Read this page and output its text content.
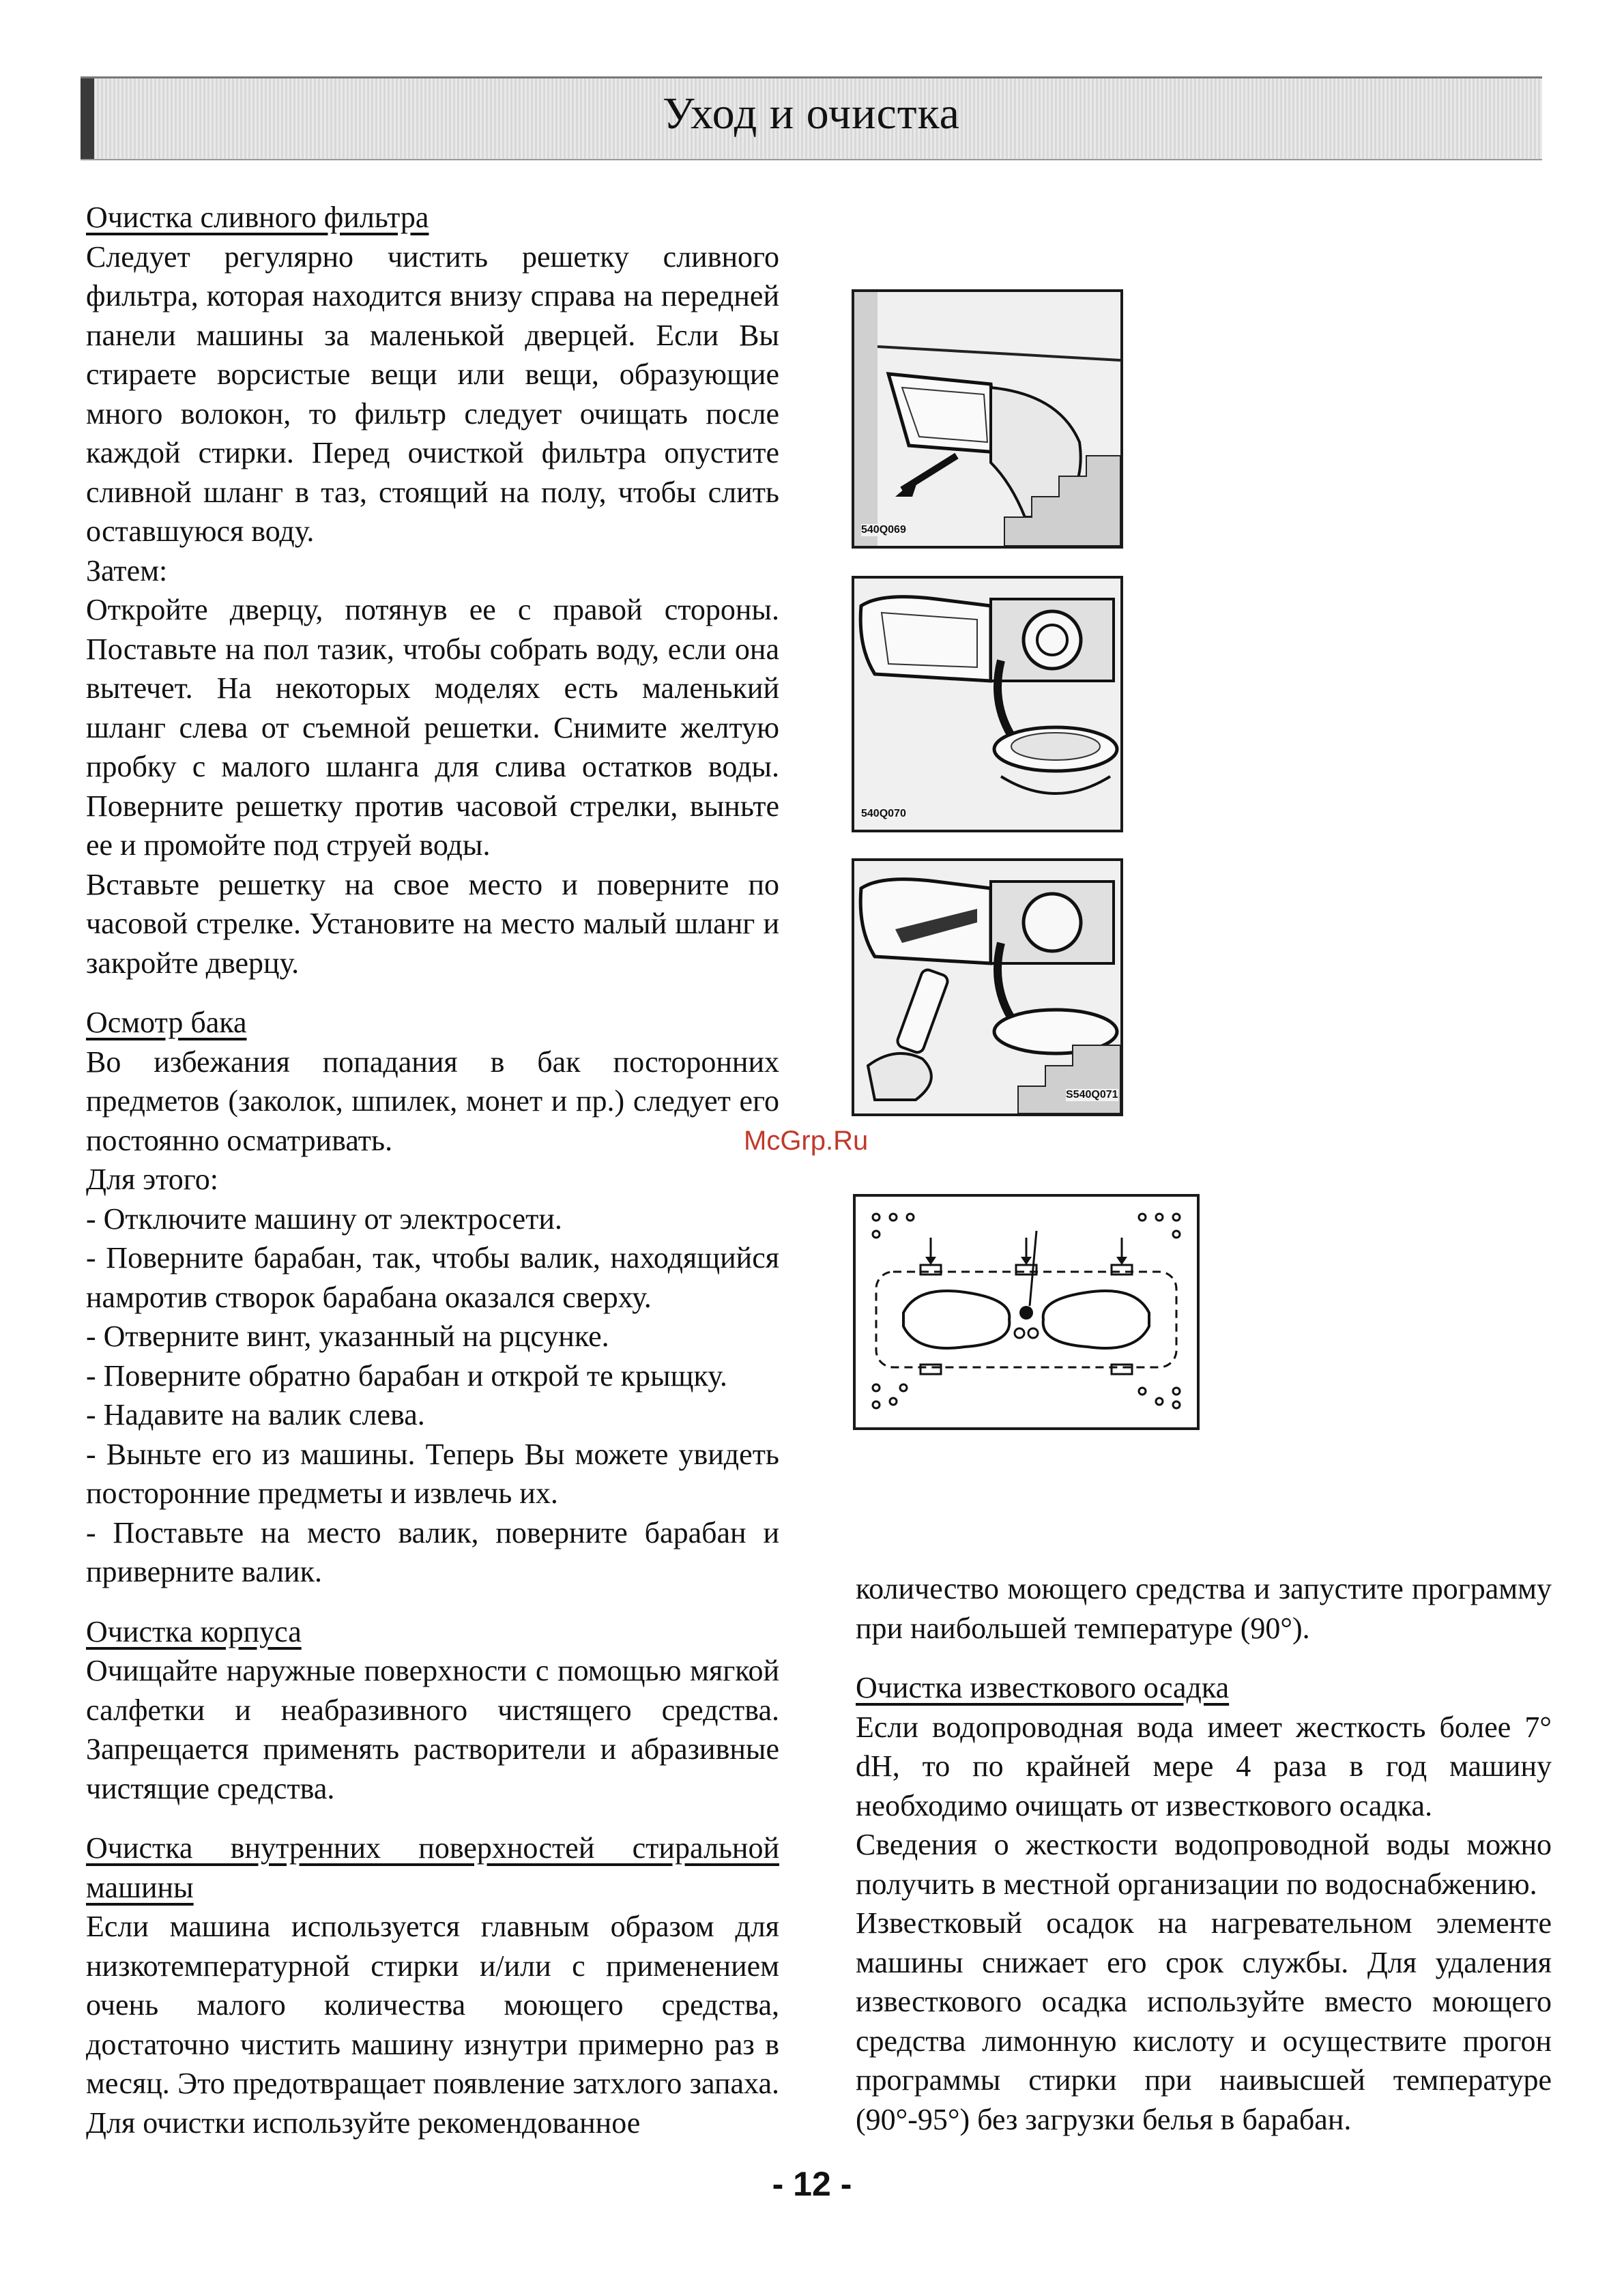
Уход и очистка

Очистка сливного фильтра

Следует регулярно чистить решетку сливного фильтра, которая находится внизу справа на передней панели машины за маленькой дверцей. Если Вы стираете ворсистые вещи или вещи, образующие много волокон, то фильтр следует очищать после каждой стирки. Перед очисткой фильтра опустите сливной шланг в таз, стоящий на полу, чтобы слить оставшуюся воду.

Затем:

Откройте дверцу, потянув ее с правой стороны. Поставьте на пол тазик, чтобы собрать воду, если она вытечет. На некоторых моделях есть маленький шланг слева от съемной решетки. Снимите желтую пробку с малого шланга для слива остатков воды. Поверните решетку против часовой стрелки, выньте ее и промойте под струей воды.

Вставьте решетку на свое место и поверните по часовой стрелке. Установите на место малый шланг и закройте дверцу.

Осмотр бака

Во избежания попадания в бак посторонних предметов (заколок, шпилек, монет и пр.) следует его постоянно осматривать.

Для этого:

- Отключите машину от электросети.

- Поверните барабан, так, чтобы валик, находящийся намротив створок барабана оказался сверху.

- Отверните винт, указанный на рцсунке.

- Поверните обратно барабан и открой те крыщку.

- Надавите на валик слева.

- Выньте его из машины. Теперь Вы можете увидеть посторонние предметы и извлечь их.

- Поставьте на место валик, поверните барабан и приверните валик.

Очистка корпуса

Очищайте наружные поверхности с помощью мягкой салфетки и неабразивного чистящего средства. Запрещается применять растворители и абразивные чистящие средства.

Очистка внутренних поверхностей стиральной машины

Если машина используется главным образом для низкотемпературной стирки и/или с применением очень малого количества моющего средства, достаточно чистить машину изнутри примерно раз в месяц. Это предотвращает появление затхлого запаха. Для очистки используйте рекомендованное

количество моющего средства и запустите программу при наибольшей температуре (90°).

Очистка известкового осадка

Если водопроводная вода имеет жесткость более 7° dH, то по крайней мере 4 раза в год машину необходимо очищать от известкового осадка.

Сведения о жесткости водопроводной воды можно получить в местной организации по водоснабжению.

Известковый осадок на нагревательном элементе машины снижает его срок службы. Для удаления известкового осадка используйте вместо моющего средства лимонную кислоту и осуществите прогон программы стирки при наивысшей температуре (90°-95°) без загрузки белья в барабан.

540Q069
540Q070
S540Q071
McGrp.Ru
- 12 -
